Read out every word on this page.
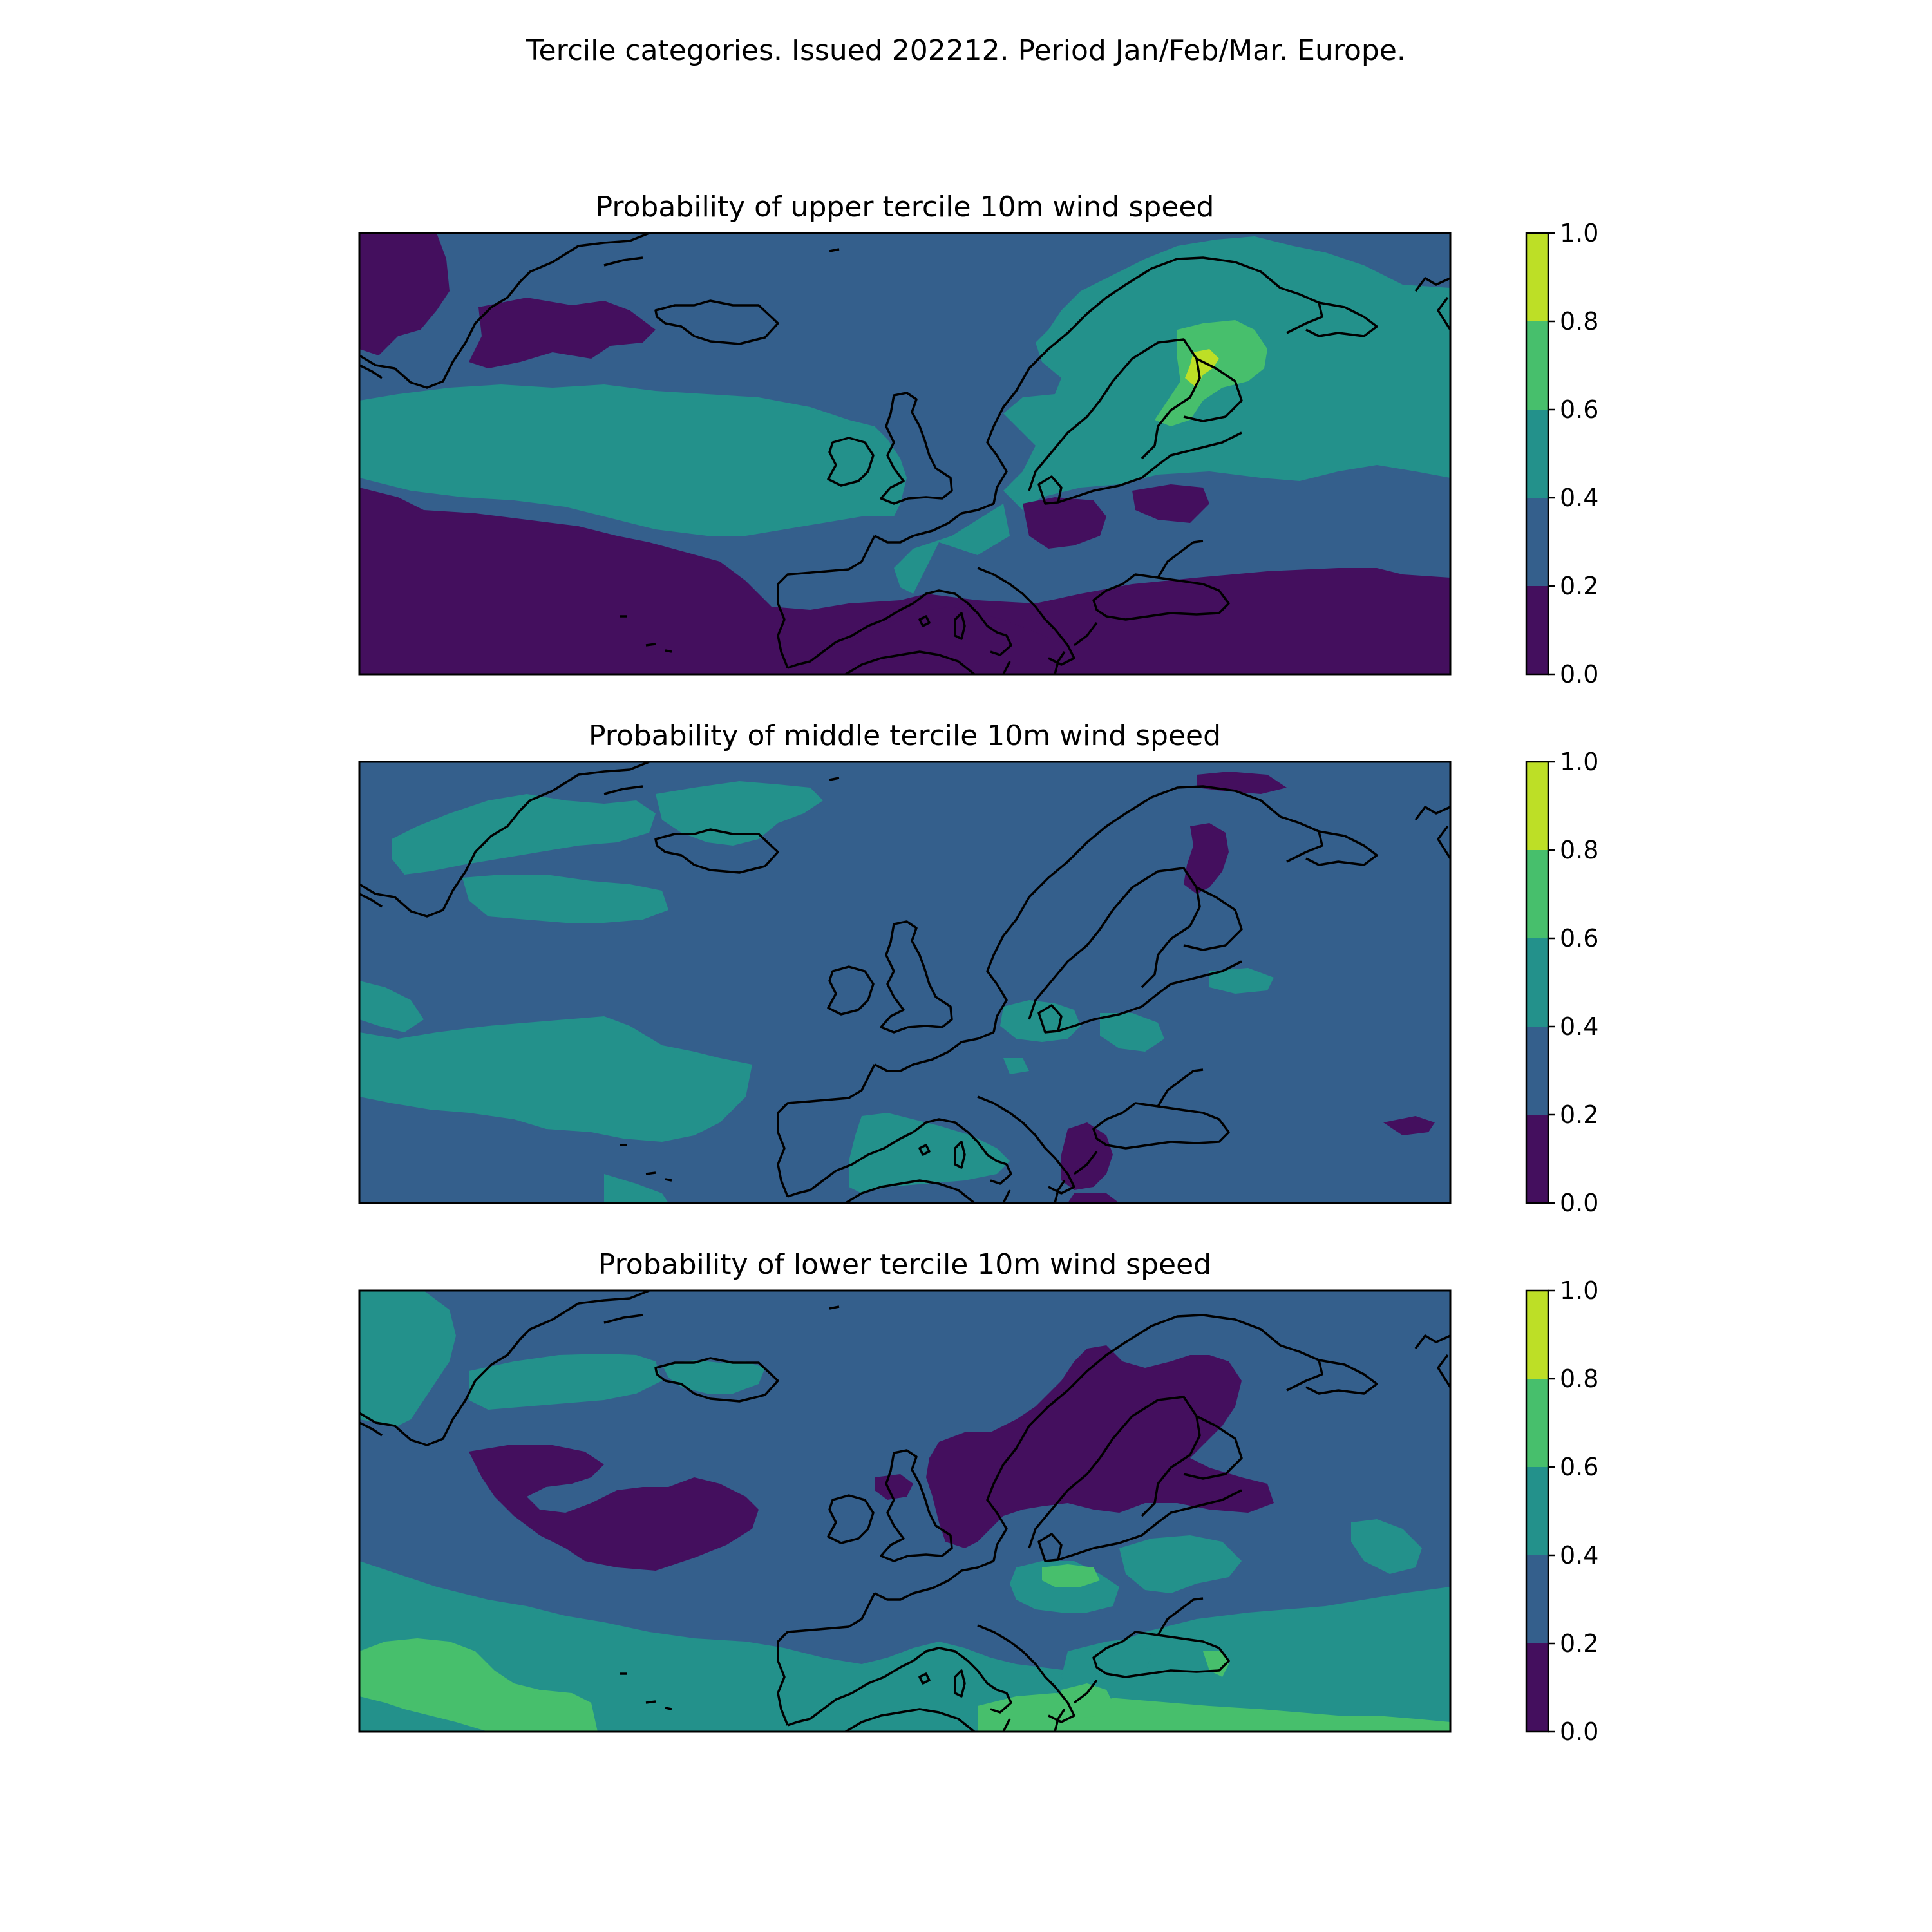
Tercile categories. Issued 202212. Period Jan/Feb/Mar. Europe.
Probability of upper tercile 10m wind speed
0.0
0.2
0.4
0.6
0.8
1.0
Probability of middle tercile 10m wind speed
0.0
0.2
0.4
0.6
0.8
1.0
Probability of lower tercile 10m wind speed
0.0
0.2
0.4
0.6
0.8
1.0
